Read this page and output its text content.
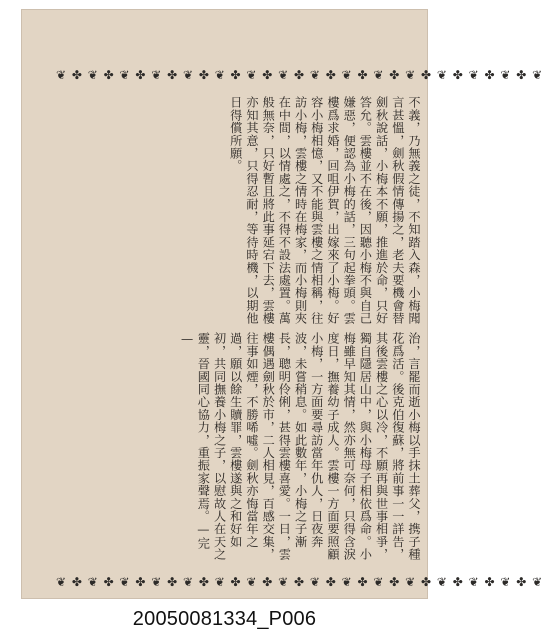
❦ ✤ ❦ ✤ ❦ ✤ ❦ ✤ ❦ ✤ ❦ ✤ ❦ ✤ ❦ ✤ ❦ ✤ ❦ ✤ ❦ ✤ ❦ ✤ ❦ ✤ ❦ ✤ ❦ ✤ ❦
不義，乃無義之徒，不知踏入森，小梅聞言甚慍，劍秋假情傳揚之，老夫要機會替劍秋說話，小梅本不願，推進於命，只好答允。雲樓並不在後，因聽小梅不與自己嫌惡，便認為小梅的話，三句起拳頭。雲樓爲求婚，回咀伊賀，出嫁來了小梅。好容小梅相憶，又不能與雲樓之情相稱，往訪小梅，雲樓之情時在梅家，而小梅則夾在中間，以情處之，不得不設法處置。萬般無奈，只好暫且將此事延宕下去，雲樓亦知其意，只得忍耐，等待時機，以期他日得償所願。
治，言罷而逝小梅以手抹土葬父，携子種花爲活。後克伯復蘇，將前事一一詳告，其後雲樓之心以冷，不願再與世事相爭，獨自隱居山中，與小梅母子相依爲命。小梅雖早知其情，然亦無可奈何，只得含淚度日，撫養幼子成人。雲樓一方面要照顧小梅，一方面要尋訪當年仇人，日夜奔波，未嘗稍息。如此數年，小梅之子漸長，聰明伶俐，甚得雲樓喜愛。一日，雲樓偶遇劍秋於市，二人相見，百感交集，往事如煙，不勝唏噓。劍秋亦悔當年之過，願以餘生贖罪，雲樓遂與之和好如初，共同撫養小梅之子，以慰故人在天之靈，晉國同心協力，重振家聲焉。—完—
❦ ✤ ❦ ✤ ❦ ✤ ❦ ✤ ❦ ✤ ❦ ✤ ❦ ✤ ❦ ✤ ❦ ✤ ❦ ✤ ❦ ✤ ❦ ✤ ❦ ✤ ❦ ✤ ❦ ✤ ❦
20050081334_P006
